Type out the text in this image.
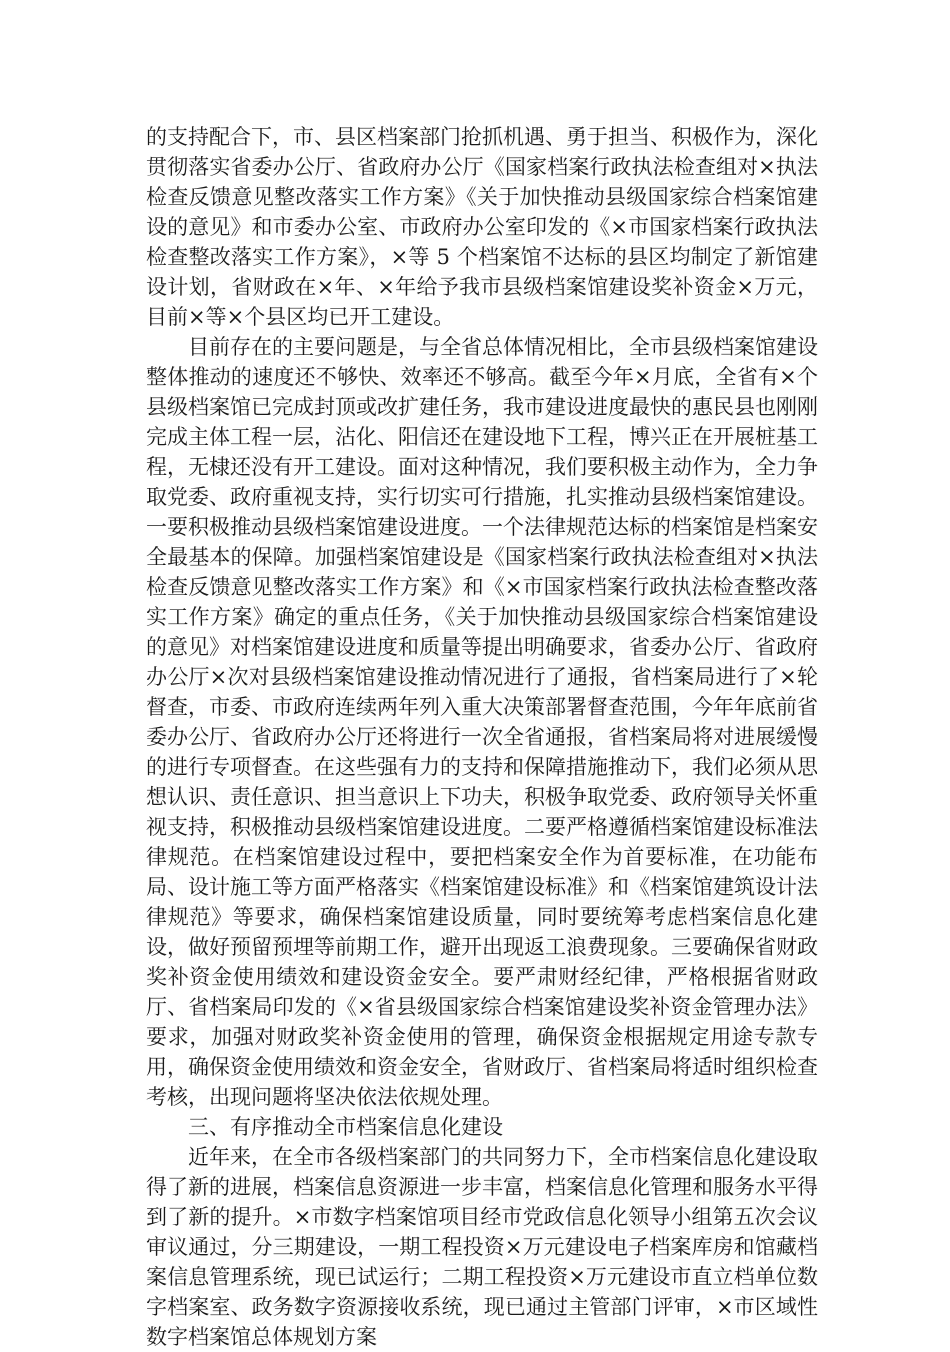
的支持配合下，市、县区档案部门抢抓机遇、勇于担当、积极作为，深化贯彻落实省委办公厅、省政府办公厅《国家档案行政执法检查组对×执法检查反馈意见整改落实工作方案》《关于加快推动县级国家综合档案馆建设的意见》和市委办公室、市政府办公室印发的《×市国家档案行政执法检查整改落实工作方案》，×等 5 个档案馆不达标的县区均制定了新馆建设计划，省财政在×年、×年给予我市县级档案馆建设奖补资金×万元，目前×等×个县区均已开工建设。

目前存在的主要问题是，与全省总体情况相比，全市县级档案馆建设整体推动的速度还不够快、效率还不够高。截至今年×月底，全省有×个县级档案馆已完成封顶或改扩建任务，我市建设进度最快的惠民县也刚刚完成主体工程一层，沾化、阳信还在建设地下工程，博兴正在开展桩基工程，无棣还没有开工建设。面对这种情况，我们要积极主动作为，全力争取党委、政府重视支持，实行切实可行措施，扎实推动县级档案馆建设。一要积极推动县级档案馆建设进度。一个法律规范达标的档案馆是档案安全最基本的保障。加强档案馆建设是《国家档案行政执法检查组对×执法检查反馈意见整改落实工作方案》和《×市国家档案行政执法检查整改落实工作方案》确定的重点任务，《关于加快推动县级国家综合档案馆建设的意见》对档案馆建设进度和质量等提出明确要求，省委办公厅、省政府办公厅×次对县级档案馆建设推动情况进行了通报，省档案局进行了×轮督查，市委、市政府连续两年列入重大决策部署督查范围，今年年底前省委办公厅、省政府办公厅还将进行一次全省通报，省档案局将对进展缓慢的进行专项督查。在这些强有力的支持和保障措施推动下，我们必须从思想认识、责任意识、担当意识上下功夫，积极争取党委、政府领导关怀重视支持，积极推动县级档案馆建设进度。二要严格遵循档案馆建设标准法律规范。在档案馆建设过程中，要把档案安全作为首要标准，在功能布局、设计施工等方面严格落实《档案馆建设标准》和《档案馆建筑设计法律规范》等要求，确保档案馆建设质量，同时要统筹考虑档案信息化建设，做好预留预埋等前期工作，避开出现返工浪费现象。三要确保省财政奖补资金使用绩效和建设资金安全。要严肃财经纪律，严格根据省财政厅、省档案局印发的《×省县级国家综合档案馆建设奖补资金管理办法》要求，加强对财政奖补资金使用的管理，确保资金根据规定用途专款专用，确保资金使用绩效和资金安全，省财政厅、省档案局将适时组织检查考核，出现问题将坚决依法依规处理。

三、有序推动全市档案信息化建设

近年来，在全市各级档案部门的共同努力下，全市档案信息化建设取得了新的进展，档案信息资源进一步丰富，档案信息化管理和服务水平得到了新的提升。×市数字档案馆项目经市党政信息化领导小组第五次会议审议通过，分三期建设，一期工程投资×万元建设电子档案库房和馆藏档案信息管理系统，现已试运行；二期工程投资×万元建设市直立档单位数字档案室、政务数字资源接收系统，现已通过主管部门评审，×市区域性数字档案馆总体规划方案
